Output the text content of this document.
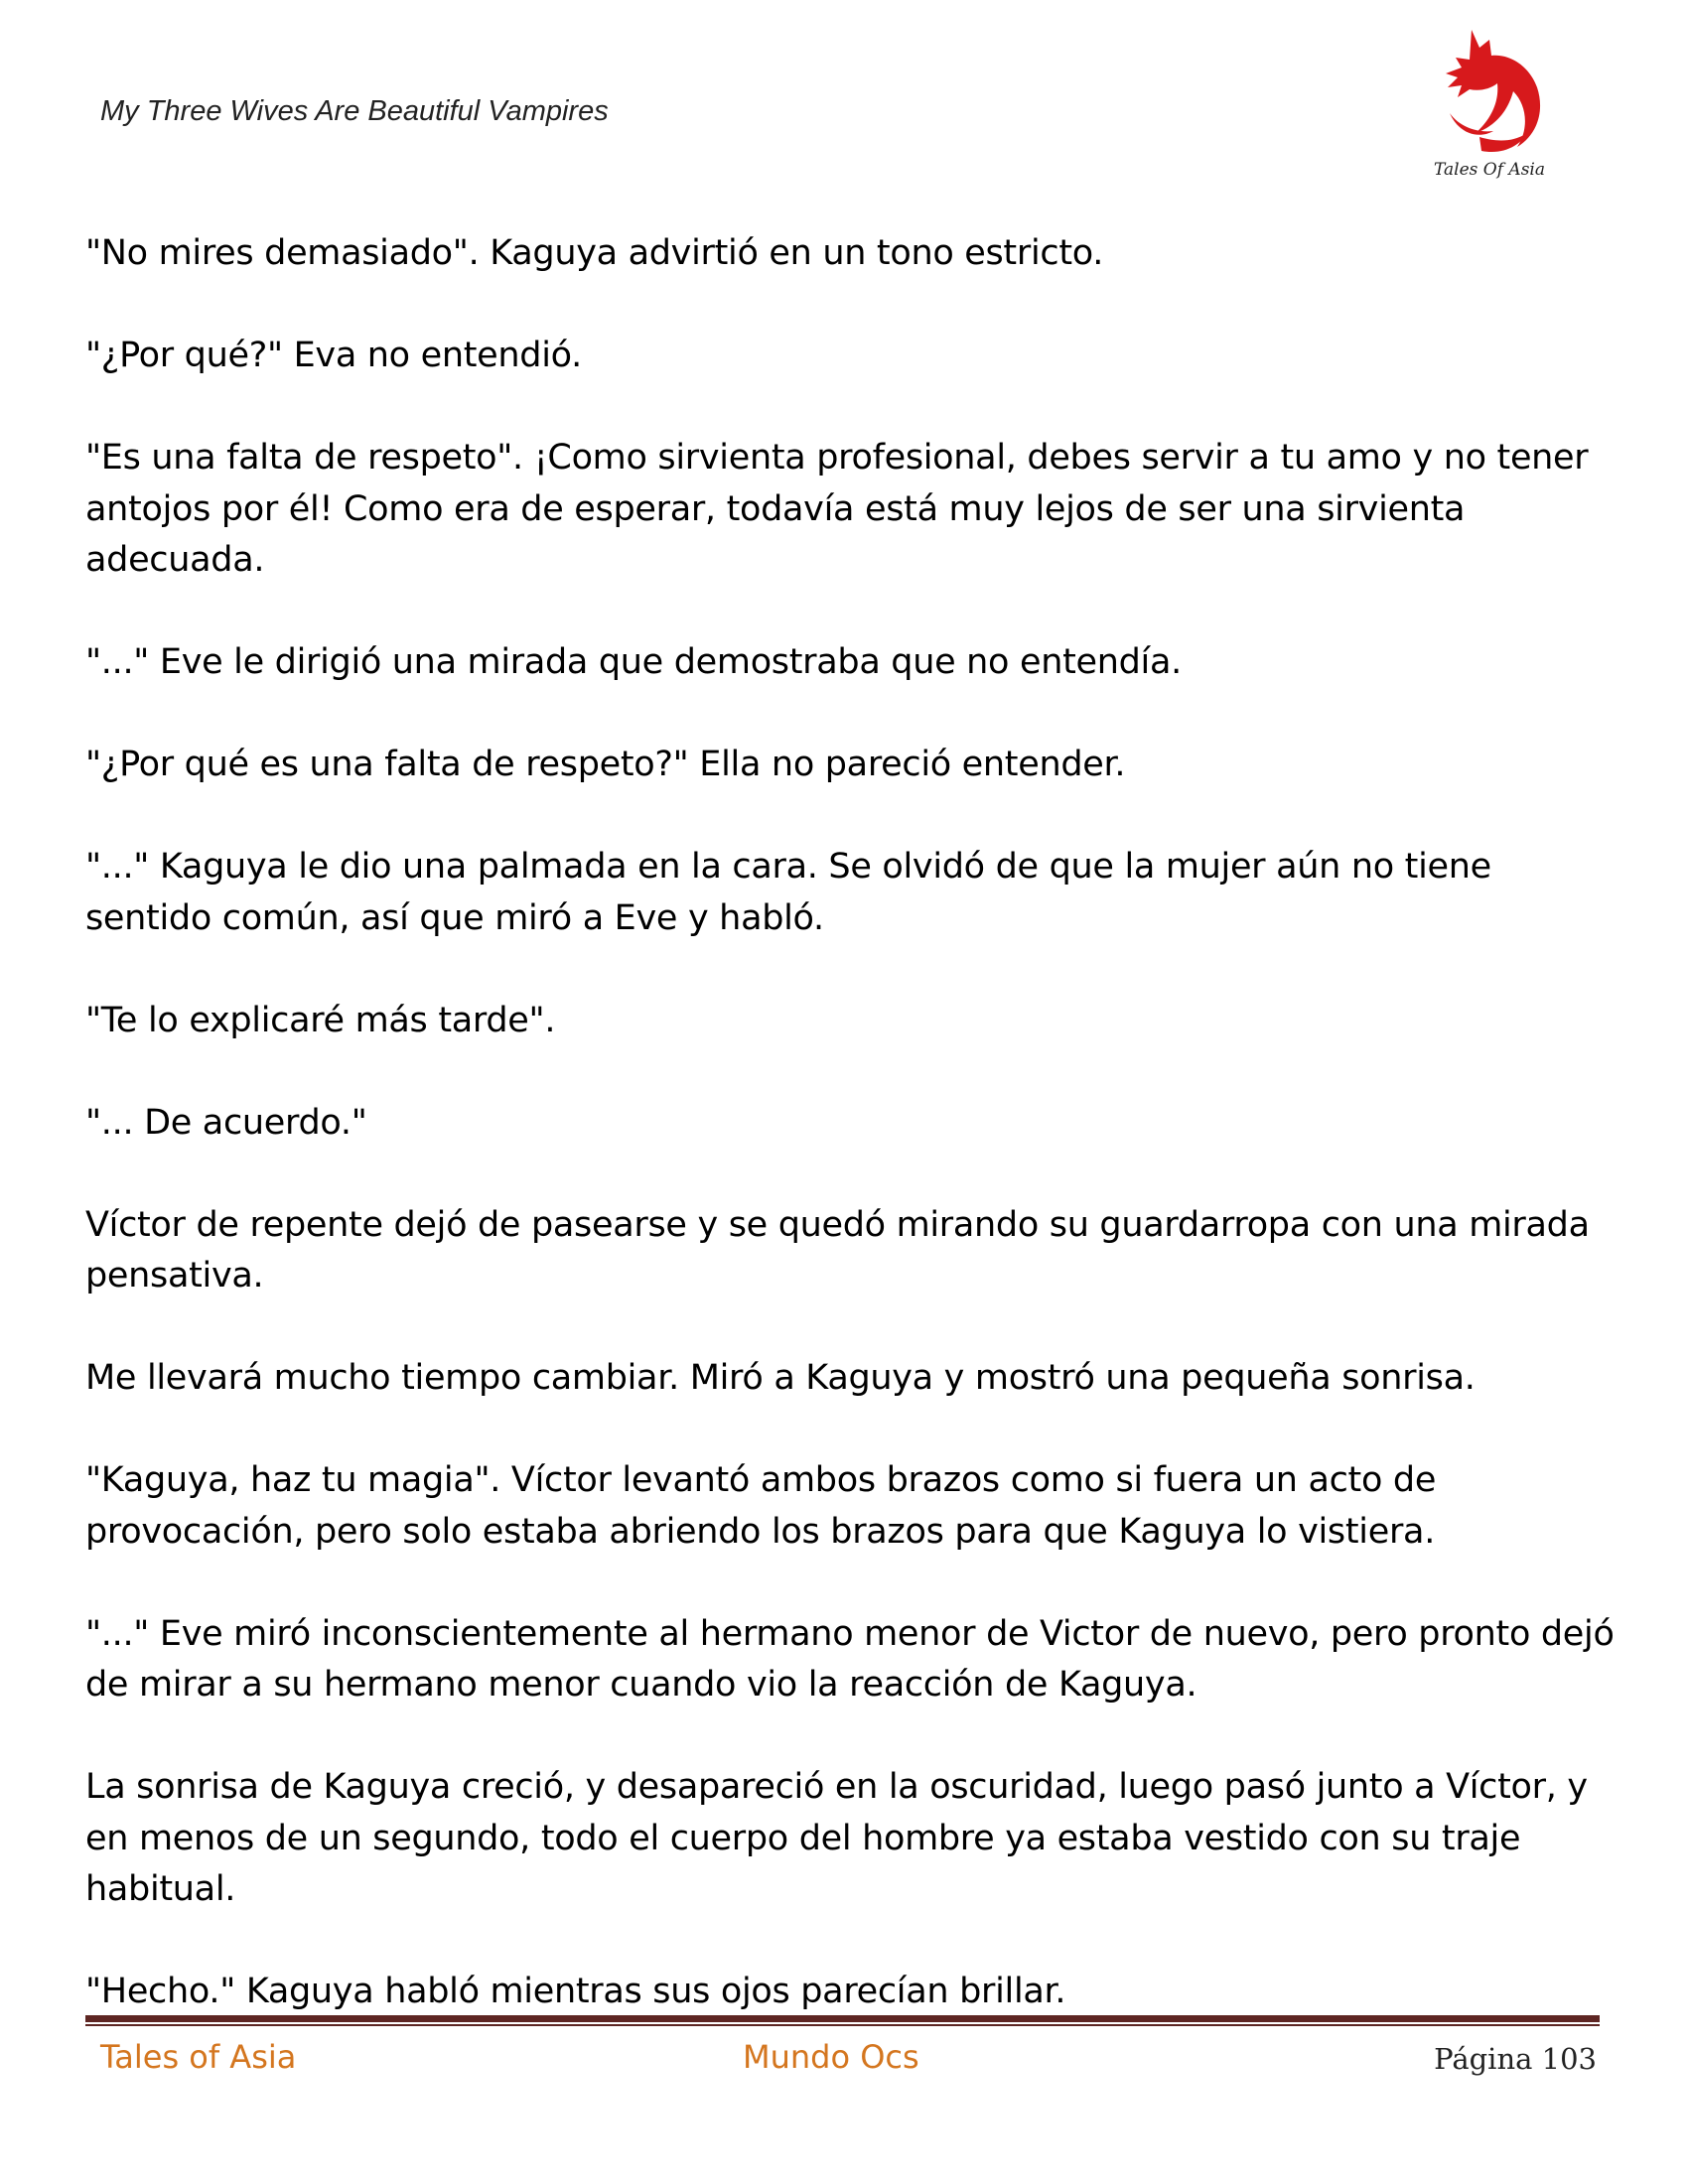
My Three Wives Are Beautiful Vampires
Tales Of Asia

"No mires demasiado". Kaguya advirtió en un tono estricto.

"¿Por qué?" Eva no entendió.

"Es una falta de respeto". ¡Como sirvienta profesional, debes servir a tu amo y no tener antojos por él! Como era de esperar, todavía está muy lejos de ser una sirvienta adecuada.

"..." Eve le dirigió una mirada que demostraba que no entendía.

"¿Por qué es una falta de respeto?" Ella no pareció entender.

"..." Kaguya le dio una palmada en la cara. Se olvidó de que la mujer aún no tiene sentido común, así que miró a Eve y habló.

"Te lo explicaré más tarde".

"... De acuerdo."

Víctor de repente dejó de pasearse y se quedó mirando su guardarropa con una mirada pensativa.

Me llevará mucho tiempo cambiar. Miró a Kaguya y mostró una pequeña sonrisa.

"Kaguya, haz tu magia". Víctor levantó ambos brazos como si fuera un acto de provocación, pero solo estaba abriendo los brazos para que Kaguya lo vistiera.

"..." Eve miró inconscientemente al hermano menor de Victor de nuevo, pero pronto dejó de mirar a su hermano menor cuando vio la reacción de Kaguya.

La sonrisa de Kaguya creció, y desapareció en la oscuridad, luego pasó junto a Víctor, y en menos de un segundo, todo el cuerpo del hombre ya estaba vestido con su traje habitual.

"Hecho." Kaguya habló mientras sus ojos parecían brillar.

Tales of Asia	Mundo Ocs	Página 103
